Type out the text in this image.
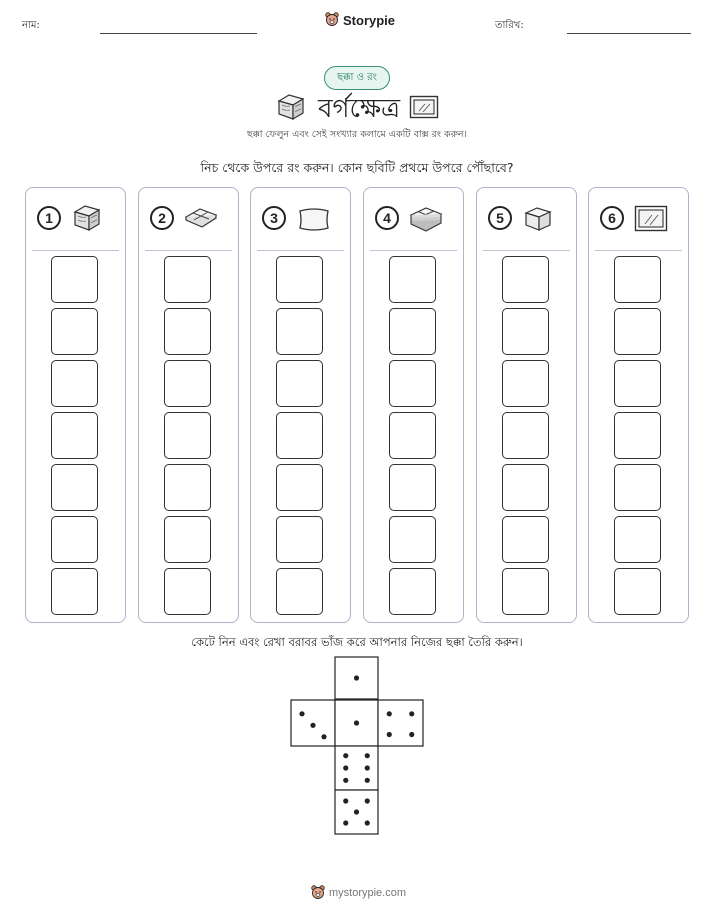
নাম:	Storypie	তারিখ:
ছক্কা ও রং
বর্গক্ষেত্র
ছক্কা ফেলুন এবং সেই সংখ্যার কলামে একটি বাক্স রং করুন।
নিচ থেকে উপরে রং করুন। কোন ছবিটি প্রথমে উপরে পৌঁছাবে?
1	2	3	4	5	6
কেটে নিন এবং রেখা বরাবর ভাঁজ করে আপনার নিজের ছক্কা তৈরি করুন।
mystorypie.com
